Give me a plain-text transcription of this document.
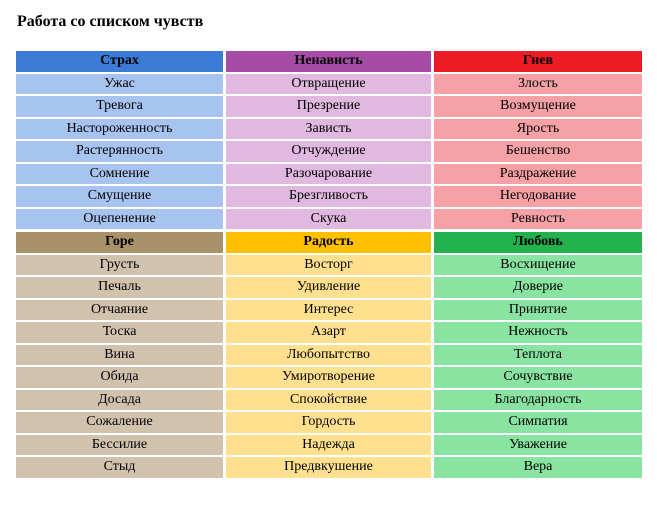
Работа со списком чувств
Страх
Ужас
Тревога
Настороженность
Растерянность
Сомнение
Смущение
Оцепенение
Ненависть
Отвращение
Презрение
Зависть
Отчуждение
Разочарование
Брезгливость
Скука
Гнев
Злость
Возмущение
Ярость
Бешенство
Раздражение
Негодование
Ревность
Горе
Грусть
Печаль
Отчаяние
Тоска
Вина
Обида
Досада
Сожаление
Бессилие
Стыд
Радость
Восторг
Удивление
Интерес
Азарт
Любопытство
Умиротворение
Спокойствие
Гордость
Надежда
Предвкушение
Любовь
Восхищение
Доверие
Принятие
Нежность
Теплота
Сочувствие
Благодарность
Симпатия
Уважение
Вера
